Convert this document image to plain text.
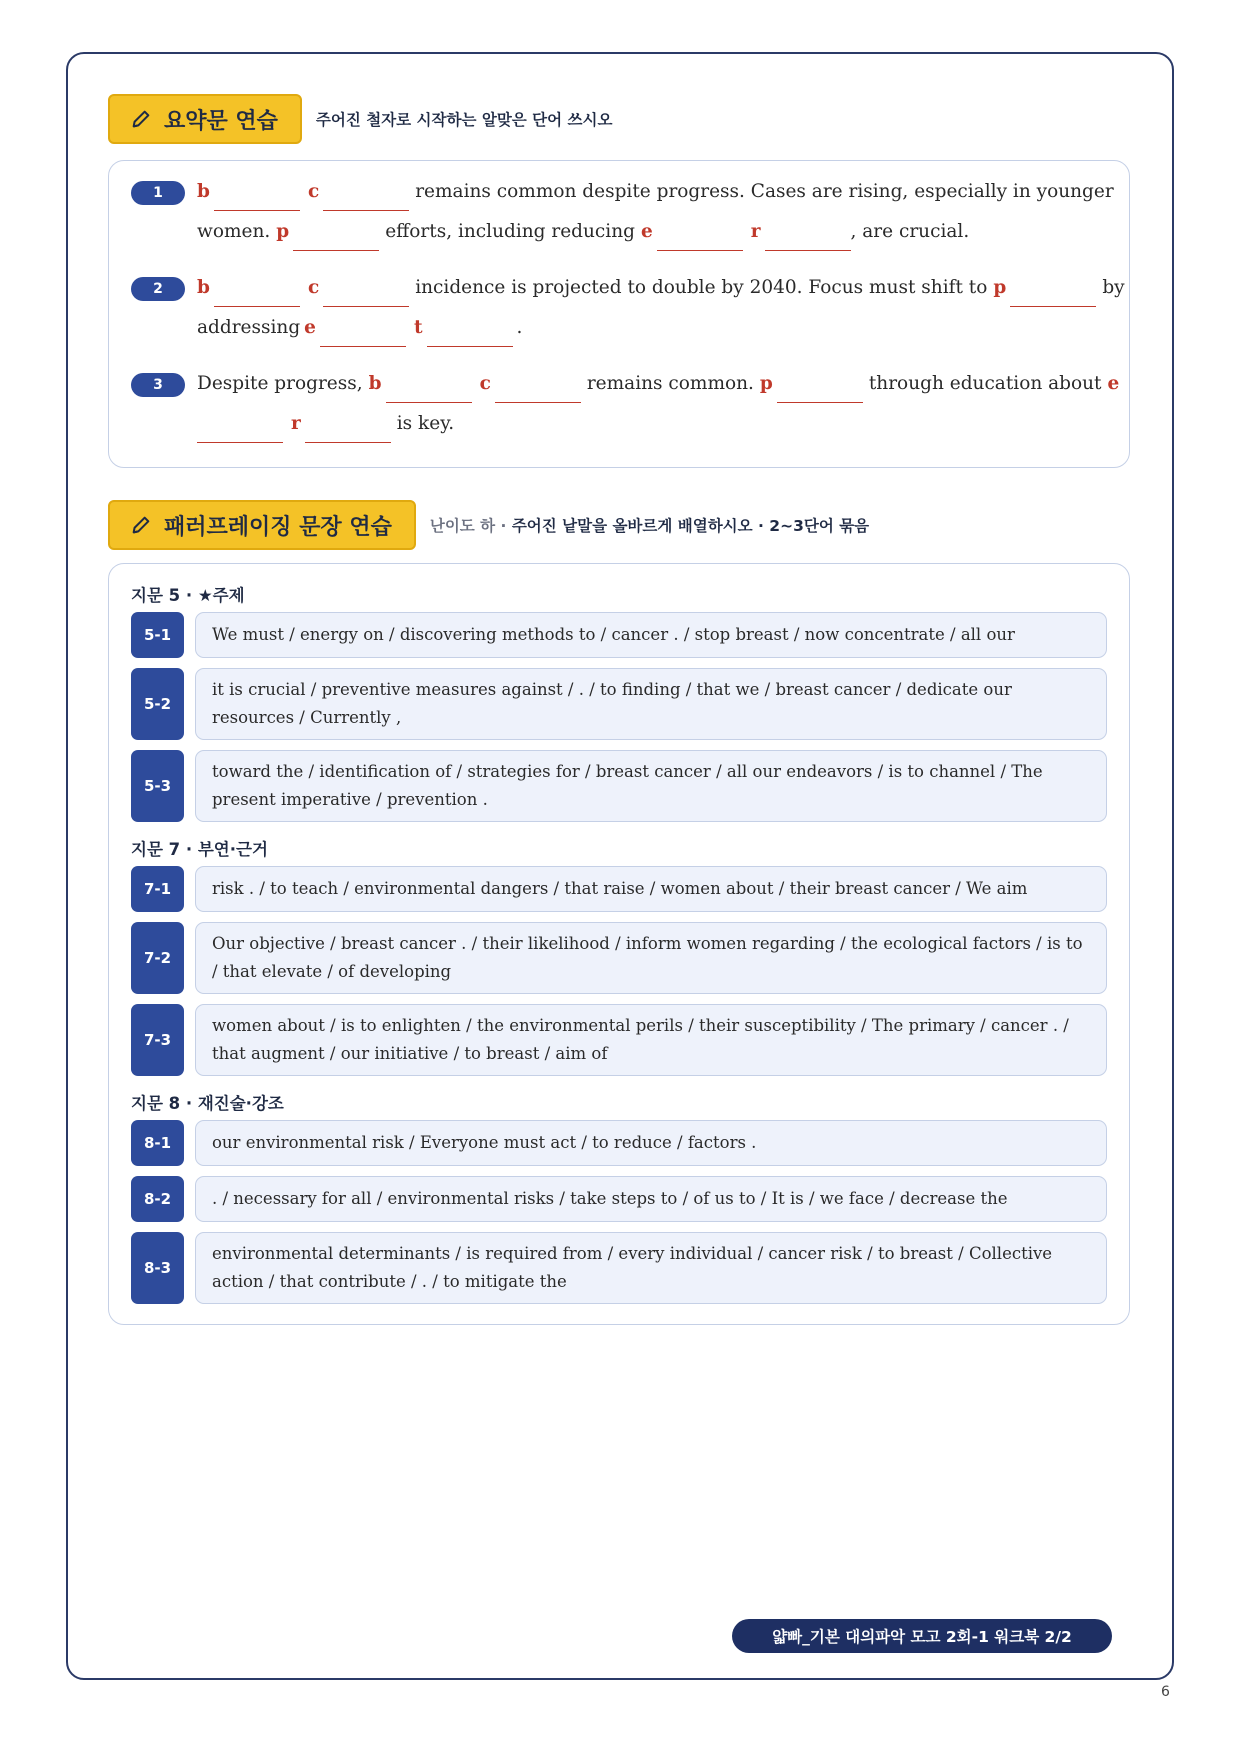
요약문 연습 주어진 철자로 시작하는 알맞은 단어 쓰시오
1	b	c	remains common despite progress. Cases are rising, especially in younger
women. p	efforts, including reducing e	r	, are crucial.
2	b	c	incidence is projected to double by 2040. Focus must shift to p	by
addressing e	t	.
3	Despite progress, b	c	remains common. p	through education about e
r	is key.
패러프레이징 문장 연습 난이도 하 · 주어진 낱말을 올바르게 배열하시오 · 2~3단어 묶음
지문 5 · ★주제
5-1	We must / energy on / discovering methods to / cancer . / stop breast / now concentrate / all our
5-2
it is crucial / preventive measures against / . / to finding / that we / breast cancer / dedicate our resources / Currently ,
5-3
toward the / identification of / strategies for / breast cancer / all our endeavors / is to channel / The present imperative / prevention .
지문 7 · 부연·근거
7-1	risk . / to teach / environmental dangers / that raise / women about / their breast cancer / We aim
7-2
Our objective / breast cancer . / their likelihood / inform women regarding / the ecological factors / is to / that elevate / of developing
7-3
women about / is to enlighten / the environmental perils / their susceptibility / The primary / cancer . / that augment / our initiative / to breast / aim of
지문 8 · 재진술·강조
8-1	our environmental risk / Everyone must act / to reduce / factors .
8-2	. / necessary for all / environmental risks / take steps to / of us to / It is / we face / decrease the
8-3
environmental determinants / is required from / every individual / cancer risk / to breast / Collective action / that contribute / . / to mitigate the
얇빠_기본 대의파악 모고 2회-1 워크북 2/2
6
